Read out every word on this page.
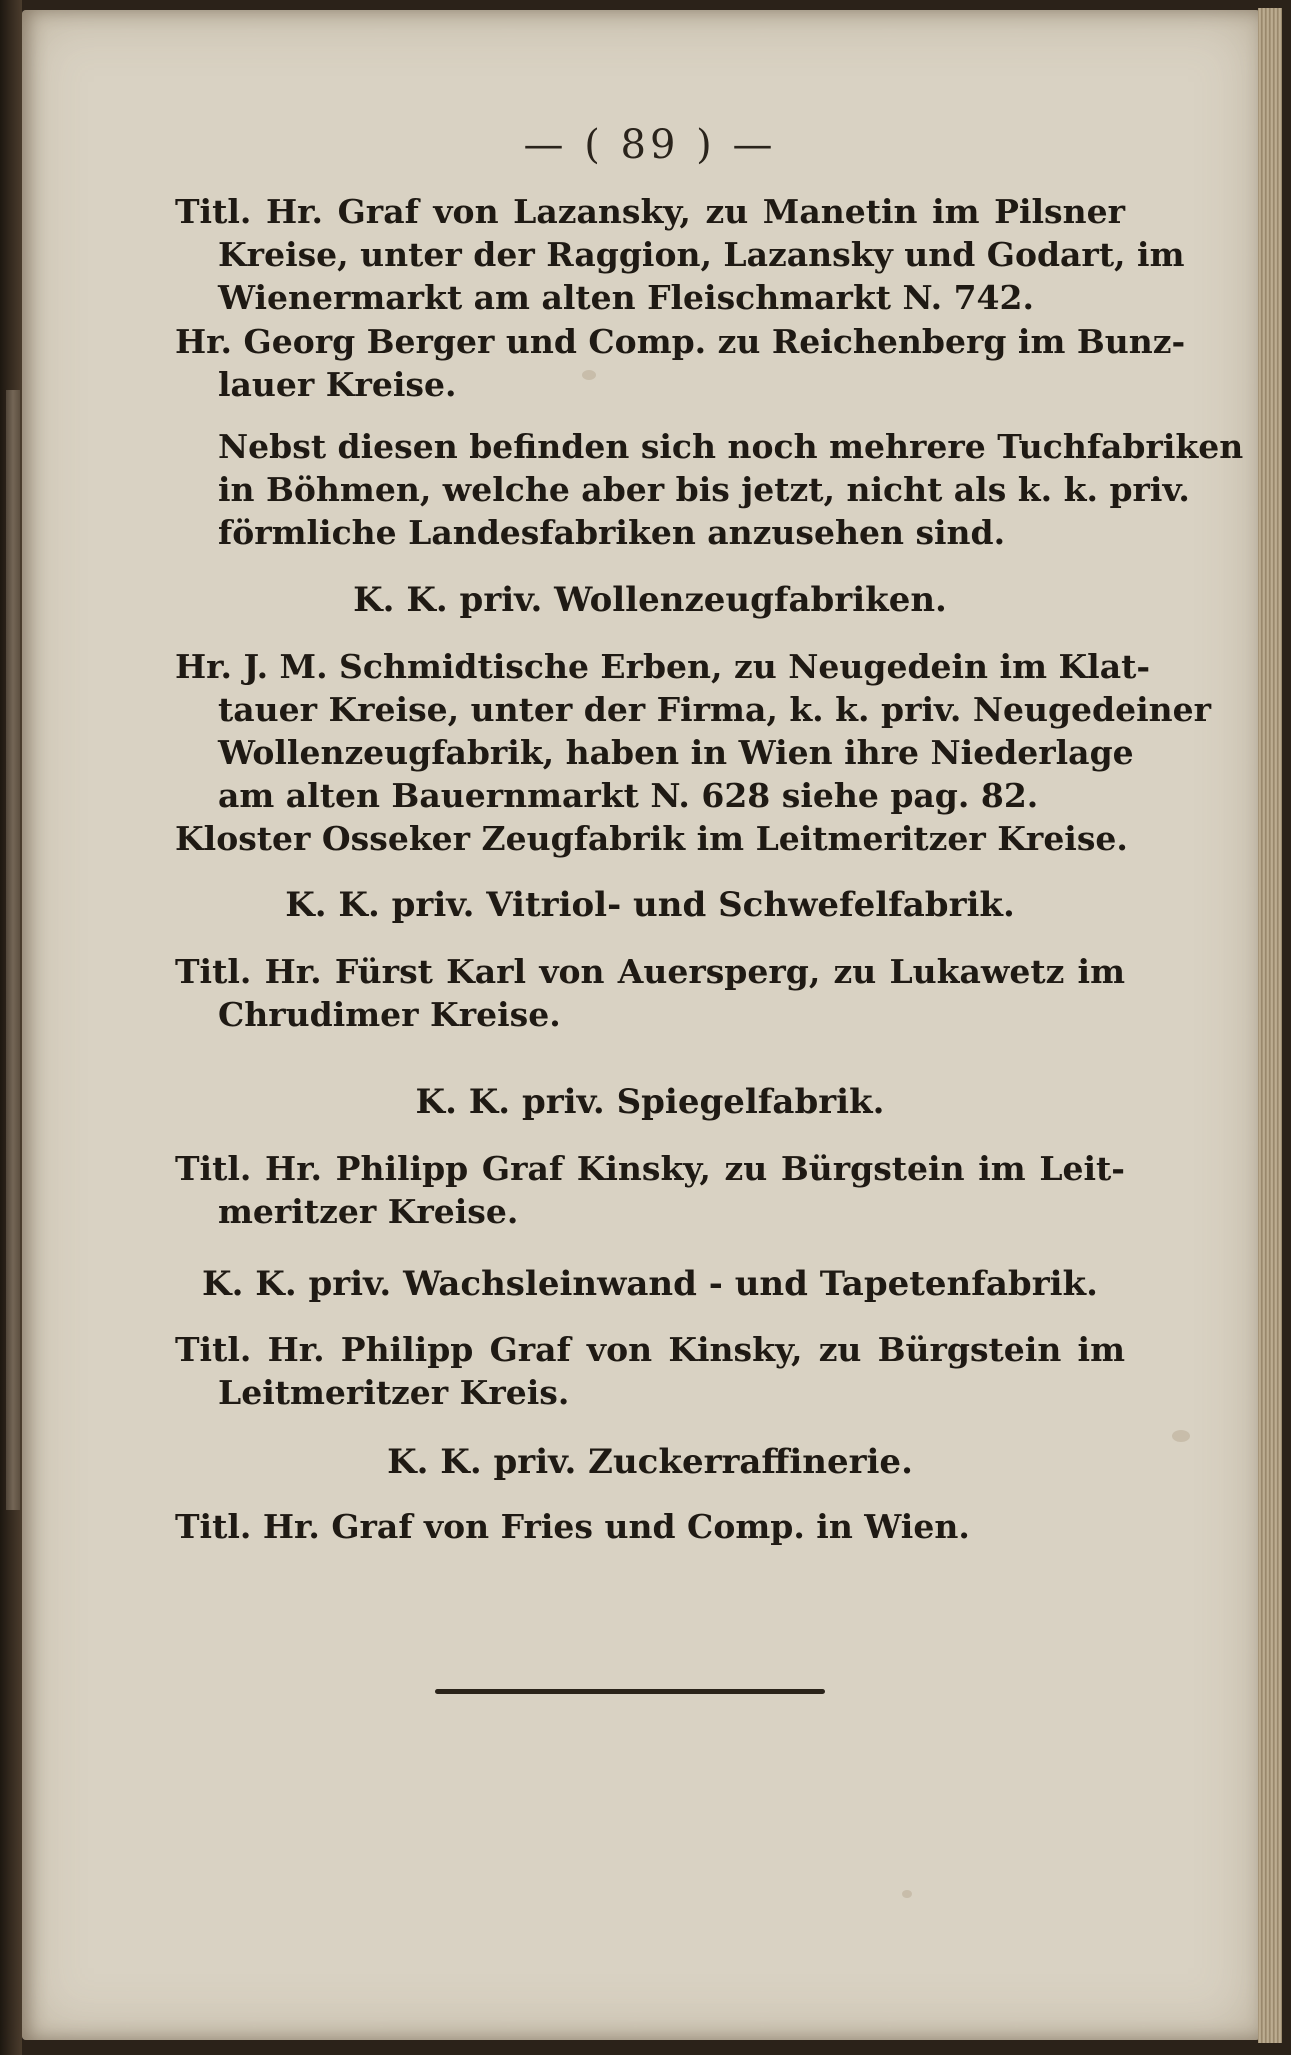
— ( 89 ) —
Titl. Hr. Graf von Lazansky, zu Manetin im Pilsner
Kreise, unter der Raggion, Lazansky und Godart, im
Wienermarkt am alten Fleischmarkt N. 742.
Hr. Georg Berger und Comp. zu Reichenberg im Bunz-
lauer Kreise.
Nebst diesen befinden sich noch mehrere Tuchfabriken
in Böhmen, welche aber bis jetzt, nicht als k. k. priv.
förmliche Landesfabriken anzusehen sind.
K. K. priv. Wollenzeugfabriken.
Hr. J. M. Schmidtische Erben, zu Neugedein im Klat-
tauer Kreise, unter der Firma, k. k. priv. Neugedeiner
Wollenzeugfabrik, haben in Wien ihre Niederlage
am alten Bauernmarkt N. 628 siehe pag. 82.
Kloster Osseker Zeugfabrik im Leitmeritzer Kreise.
K. K. priv. Vitriol- und Schwefelfabrik.
Titl. Hr. Fürst Karl von Auersperg, zu Lukawetz im
Chrudimer Kreise.
K. K. priv. Spiegelfabrik.
Titl. Hr. Philipp Graf Kinsky, zu Bürgstein im Leit-
meritzer Kreise.
K. K. priv. Wachsleinwand - und Tapetenfabrik.
Titl. Hr. Philipp Graf von Kinsky, zu Bürgstein im
Leitmeritzer Kreis.
K. K. priv. Zuckerraffinerie.
Titl. Hr. Graf von Fries und Comp. in Wien.
